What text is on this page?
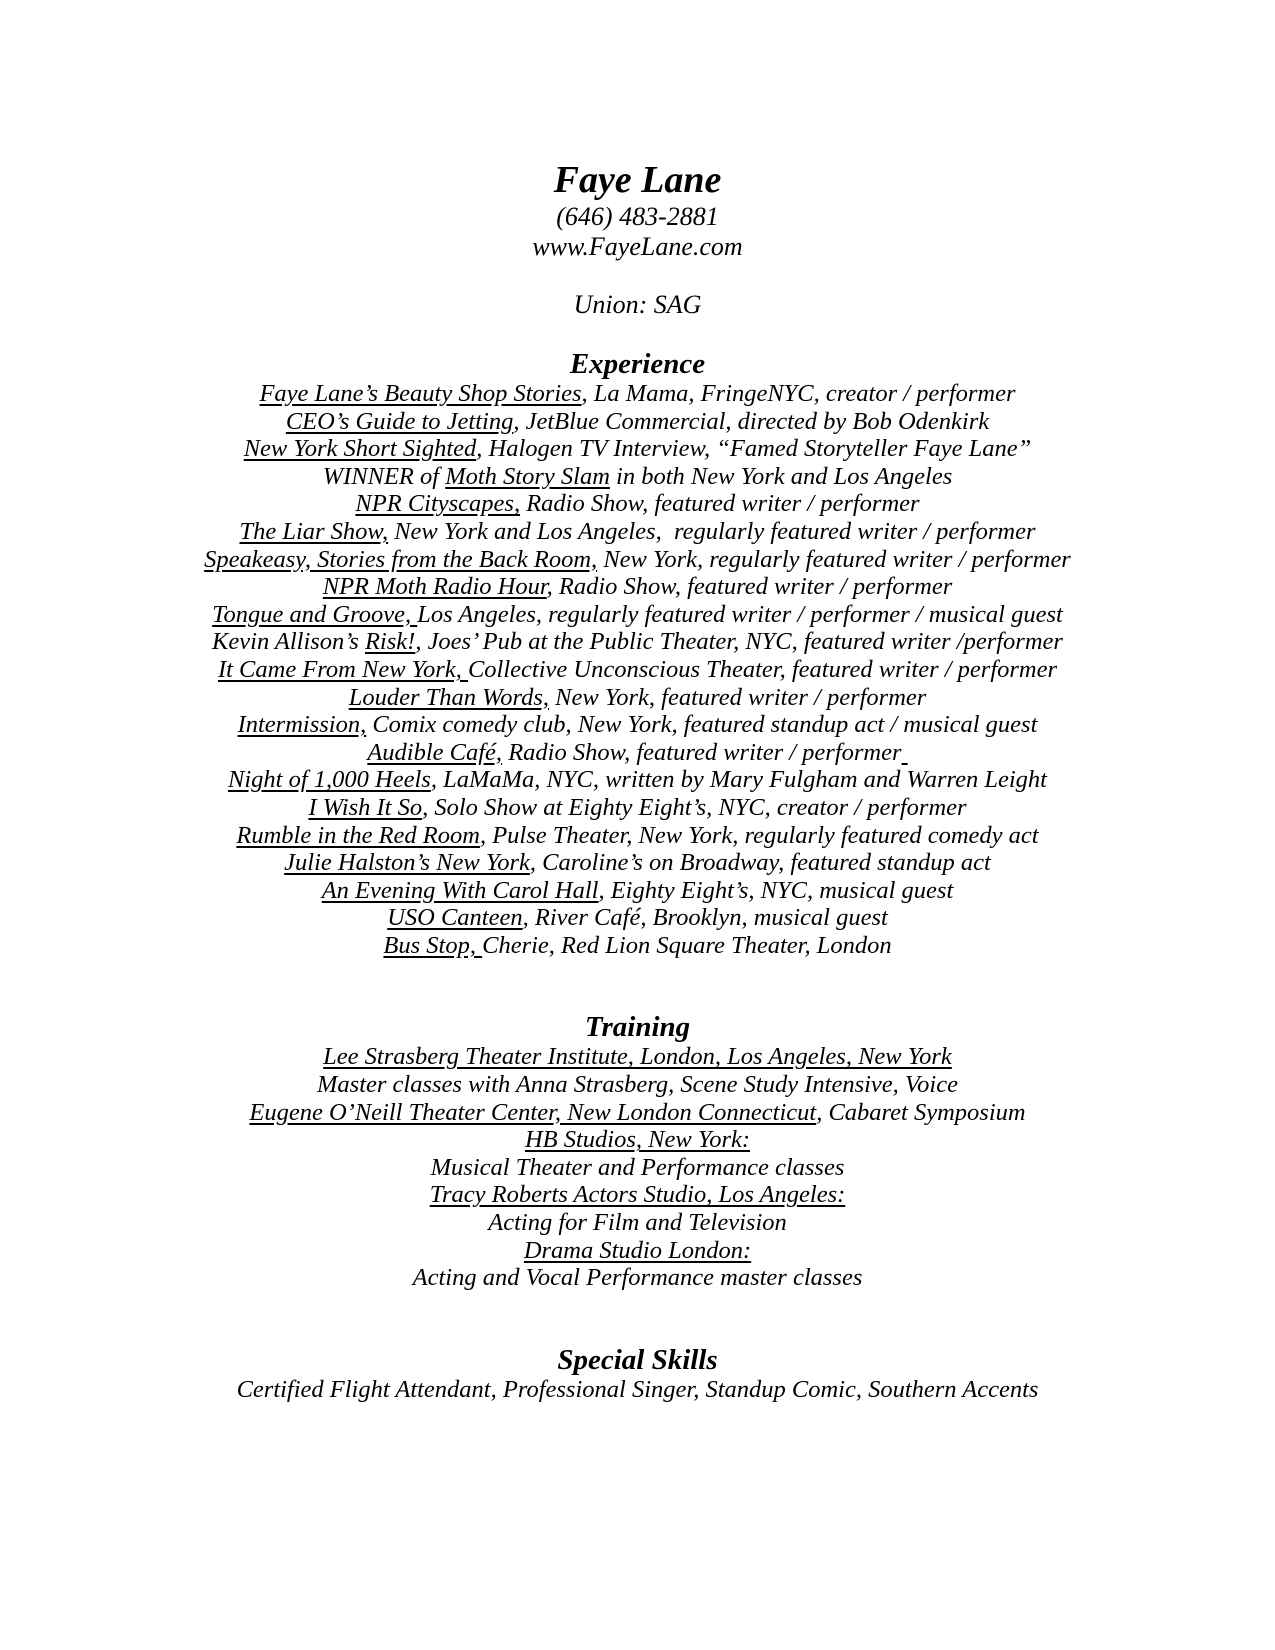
Faye Lane
(646) 483-2881
www.FayeLane.com
Union: SAG
Experience
Faye Lane’s Beauty Shop Stories, La Mama, FringeNYC, creator / performer
CEO’s Guide to Jetting, JetBlue Commercial, directed by Bob Odenkirk
New York Short Sighted, Halogen TV Interview, “Famed Storyteller Faye Lane”
WINNER of Moth Story Slam in both New York and Los Angeles
NPR Cityscapes, Radio Show, featured writer / performer
The Liar Show, New York and Los Angeles,  regularly featured writer / performer
Speakeasy, Stories from the Back Room, New York, regularly featured writer / performer
NPR Moth Radio Hour, Radio Show, featured writer / performer
Tongue and Groove, Los Angeles, regularly featured writer / performer / musical guest
Kevin Allison’s Risk!, Joes’ Pub at the Public Theater, NYC, featured writer /performer
It Came From New York, Collective Unconscious Theater, featured writer / performer
Louder Than Words, New York, featured writer / performer
Intermission, Comix comedy club, New York, featured standup act / musical guest
Audible Café, Radio Show, featured writer / performer
Night of 1,000 Heels, LaMaMa, NYC, written by Mary Fulgham and Warren Leight
I Wish It So, Solo Show at Eighty Eight’s, NYC, creator / performer
Rumble in the Red Room, Pulse Theater, New York, regularly featured comedy act
Julie Halston’s New York, Caroline’s on Broadway, featured standup act
An Evening With Carol Hall, Eighty Eight’s, NYC, musical guest
USO Canteen, River Café, Brooklyn, musical guest
Bus Stop, Cherie, Red Lion Square Theater, London
Training
Lee Strasberg Theater Institute, London, Los Angeles, New York
Master classes with Anna Strasberg, Scene Study Intensive, Voice
Eugene O’Neill Theater Center, New London Connecticut, Cabaret Symposium
HB Studios, New York:
Musical Theater and Performance classes
Tracy Roberts Actors Studio, Los Angeles:
Acting for Film and Television
Drama Studio London:
Acting and Vocal Performance master classes
Special Skills
Certified Flight Attendant, Professional Singer, Standup Comic, Southern Accents
